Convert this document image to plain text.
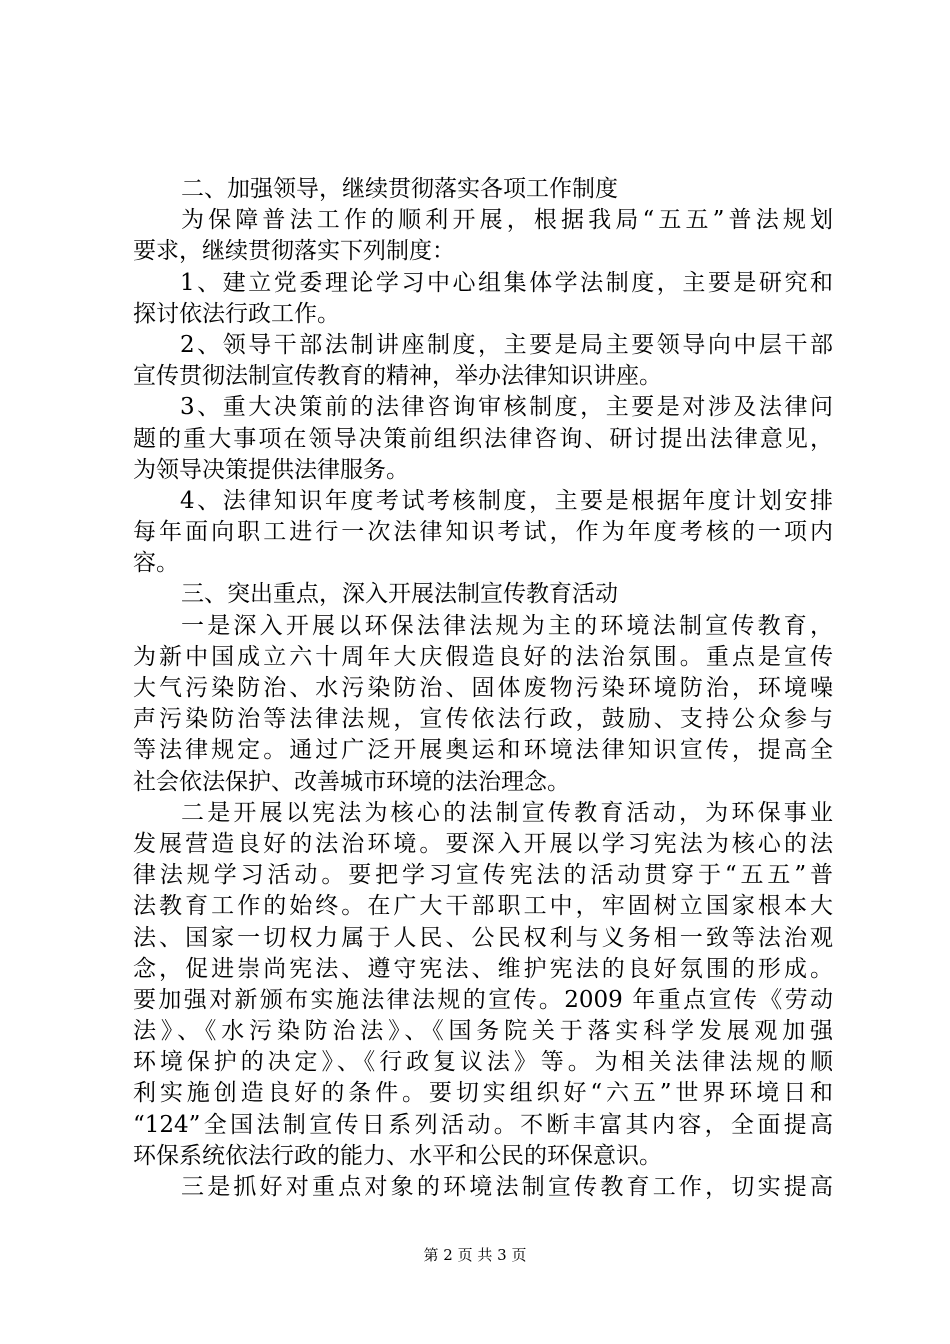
二、加强领导，继续贯彻落实各项工作制度
为保障普法工作的顺利开展，根据我局“五五”普法规划
要求，继续贯彻落实下列制度：
1、建立党委理论学习中心组集体学法制度，主要是研究和
探讨依法行政工作。
2、领导干部法制讲座制度，主要是局主要领导向中层干部
宣传贯彻法制宣传教育的精神，举办法律知识讲座。
3、重大决策前的法律咨询审核制度，主要是对涉及法律问
题的重大事项在领导决策前组织法律咨询、研讨提出法律意见，
为领导决策提供法律服务。
4、法律知识年度考试考核制度，主要是根据年度计划安排
每年面向职工进行一次法律知识考试，作为年度考核的一项内
容。
三、突出重点，深入开展法制宣传教育活动
一是深入开展以环保法律法规为主的环境法制宣传教育，
为新中国成立六十周年大庆假造良好的法治氛围。重点是宣传
大气污染防治、水污染防治、固体废物污染环境防治，环境噪
声污染防治等法律法规，宣传依法行政，鼓励、支持公众参与
等法律规定。通过广泛开展奥运和环境法律知识宣传，提高全
社会依法保护、改善城市环境的法治理念。
二是开展以宪法为核心的法制宣传教育活动，为环保事业
发展营造良好的法治环境。要深入开展以学习宪法为核心的法
律法规学习活动。要把学习宣传宪法的活动贯穿于“五五”普
法教育工作的始终。在广大干部职工中，牢固树立国家根本大
法、国家一切权力属于人民、公民权利与义务相一致等法治观
念，促进崇尚宪法、遵守宪法、维护宪法的良好氛围的形成。
要加强对新颁布实施法律法规的宣传。2009 年重点宣传《劳动
法》、《水污染防治法》、《国务院关于落实科学发展观加强
环境保护的决定》、《行政复议法》等。为相关法律法规的顺
利实施创造良好的条件。要切实组织好“六五”世界环境日和
“124”全国法制宣传日系列活动。不断丰富其内容，全面提高
环保系统依法行政的能力、水平和公民的环保意识。
三是抓好对重点对象的环境法制宣传教育工作，切实提高
第 2 页 共 3 页
